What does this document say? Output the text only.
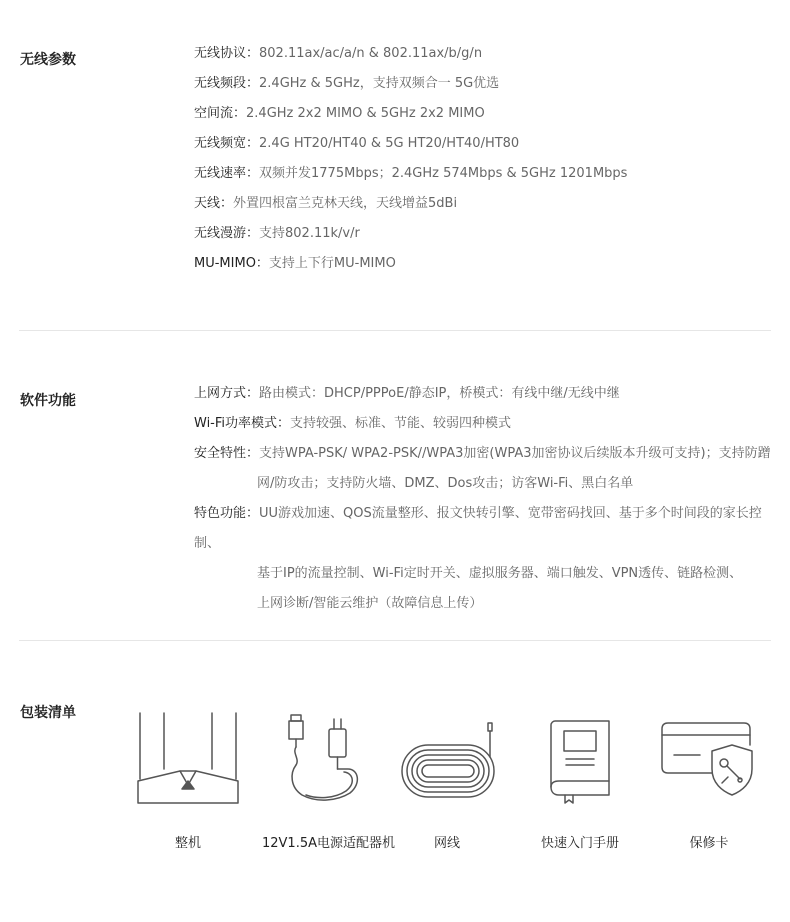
无线参数	无线协议：802.11ax/ac/a/n & 802.11ax/b/g/n
无线频段：2.4GHz & 5GHz，支持双频合一 5G优选
空间流：2.4GHz 2x2 MIMO & 5GHz 2x2 MIMO
无线频宽：2.4G HT20/HT40 & 5G HT20/HT40/HT80
无线速率：双频并发1775Mbps；2.4GHz 574Mbps & 5GHz 1201Mbps
天线：外置四根富兰克林天线，天线增益5dBi
无线漫游：支持802.11k/v/r
MU-MIMO：支持上下行MU-MIMO
软件功能	上网方式：路由模式：DHCP/PPPoE/静态IP，桥模式：有线中继/无线中继
Wi-Fi功率模式：支持较强、标准、节能、较弱四种模式
安全特性：支持WPA-PSK/ WPA2-PSK//WPA3加密(WPA3加密协议后续版本升级可支持)；支持防蹭
网/防攻击；支持防火墙、DMZ、Dos攻击；访客Wi-Fi、黑白名单
特色功能：UU游戏加速、QOS流量整形、报文快转引擎、宽带密码找回、基于多个时间段的家长控制、
基于IP的流量控制、Wi-Fi定时开关、虚拟服务器、端口触发、VPN透传、链路检测、
上网诊断/智能云维护（故障信息上传）
包装清单
整机	12V1.5A电源适配器机	网线	快速入门手册	保修卡
